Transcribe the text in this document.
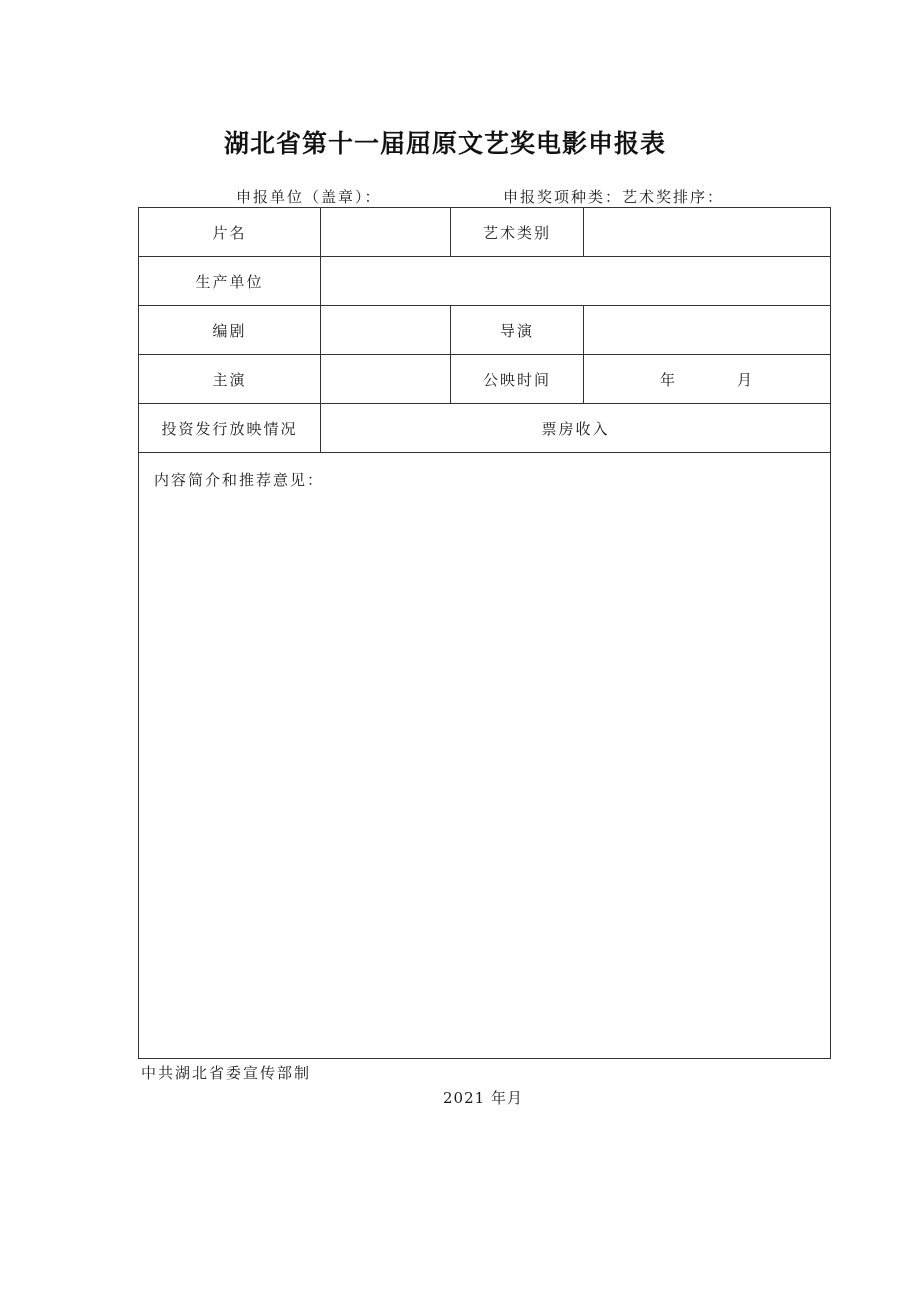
湖北省第十一届屈原文艺奖电影申报表
申报单位（盖章）：	申报奖项种类：艺术奖排序：
片名		艺术类别	
生产单位			
编剧		导演	
主演		公映时间	年 月
投资发行放映情况	票房收入		
内容简介和推荐意见：			
中共湖北省委宣传部制
2021 年月
